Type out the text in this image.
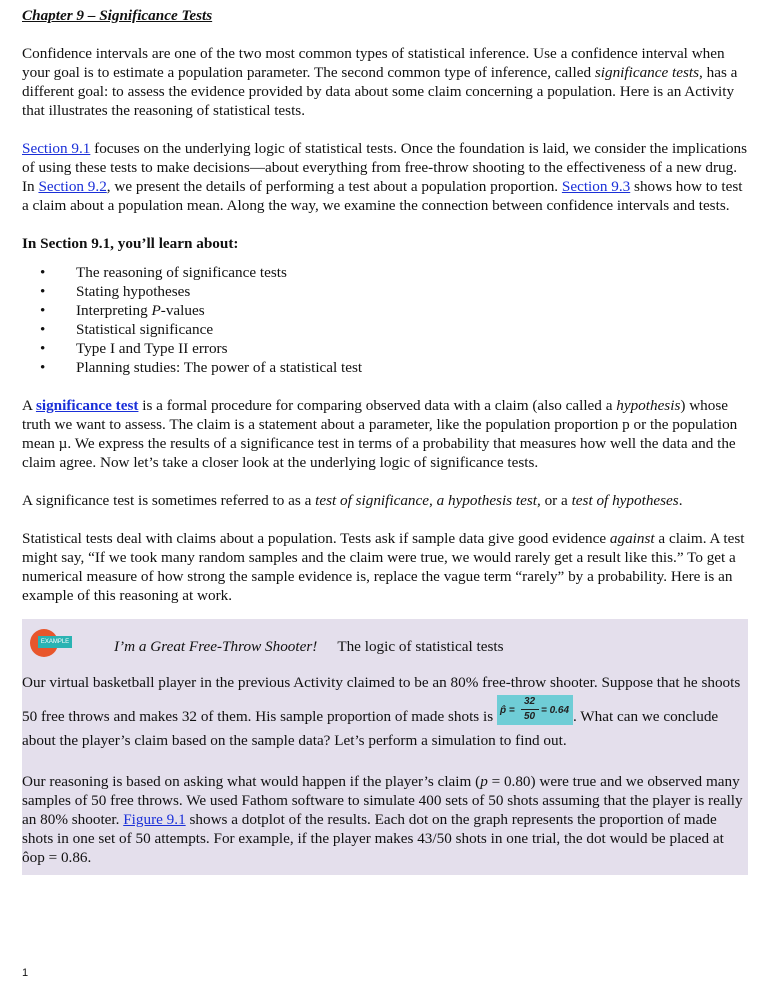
Chapter 9 – Significance Tests

Confidence intervals are one of the two most common types of statistical inference. Use a confidence interval when your goal is to estimate a population parameter. The second common type of inference, called significance tests, has a different goal: to assess the evidence provided by data about some claim concerning a population. Here is an Activity that illustrates the reasoning of statistical tests.

Section 9.1 focuses on the underlying logic of statistical tests. Once the foundation is laid, we consider the implications of using these tests to make decisions—about everything from free-throw shooting to the effectiveness of a new drug. In Section 9.2, we present the details of performing a test about a population proportion. Section 9.3 shows how to test a claim about a population mean. Along the way, we examine the connection between confidence intervals and tests.

In Section 9.1, you’ll learn about:

• The reasoning of significance tests
• Stating hypotheses
• Interpreting P-values
• Statistical significance
• Type I and Type II errors
• Planning studies: The power of a statistical test

A significance test is a formal procedure for comparing observed data with a claim (also called a hypothesis) whose truth we want to assess. The claim is a statement about a parameter, like the population proportion p or the population mean µ. We express the results of a significance test in terms of a probability that measures how well the data and the claim agree. Now let’s take a closer look at the underlying logic of significance tests.

A significance test is sometimes referred to as a test of significance, a hypothesis test, or a test of hypotheses.

Statistical tests deal with claims about a population. Tests ask if sample data give good evidence against a claim. A test might say, “If we took many random samples and the claim were true, we would rarely get a result like this.” To get a numerical measure of how strong the sample evidence is, replace the vague term “rarely” by a probability. Here is an example of this reasoning at work.

EXAMPLE	I’m a Great Free-Throw Shooter! The logic of statistical tests

Our virtual basketball player in the previous Activity claimed to be an 80% free-throw shooter. Suppose that he shoots 50 free throws and makes 32 of them. His sample proportion of made shots is p̂ =
32
50
= 0.64 . What can we conclude about the player’s claim based on the sample data? Let’s perform a simulation to find out.

Our reasoning is based on asking what would happen if the player’s claim (p = 0.80) were true and we observed many samples of 50 free throws. We used Fathom software to simulate 400 sets of 50 shots assuming that the player is really an 80% shooter. Figure 9.1 shows a dotplot of the results. Each dot on the graph represents the proportion of made shots in one set of 50 attempts. For example, if the player makes 43/50 shots in one trial, the dot would be placed at ôop = 0.86.

1
